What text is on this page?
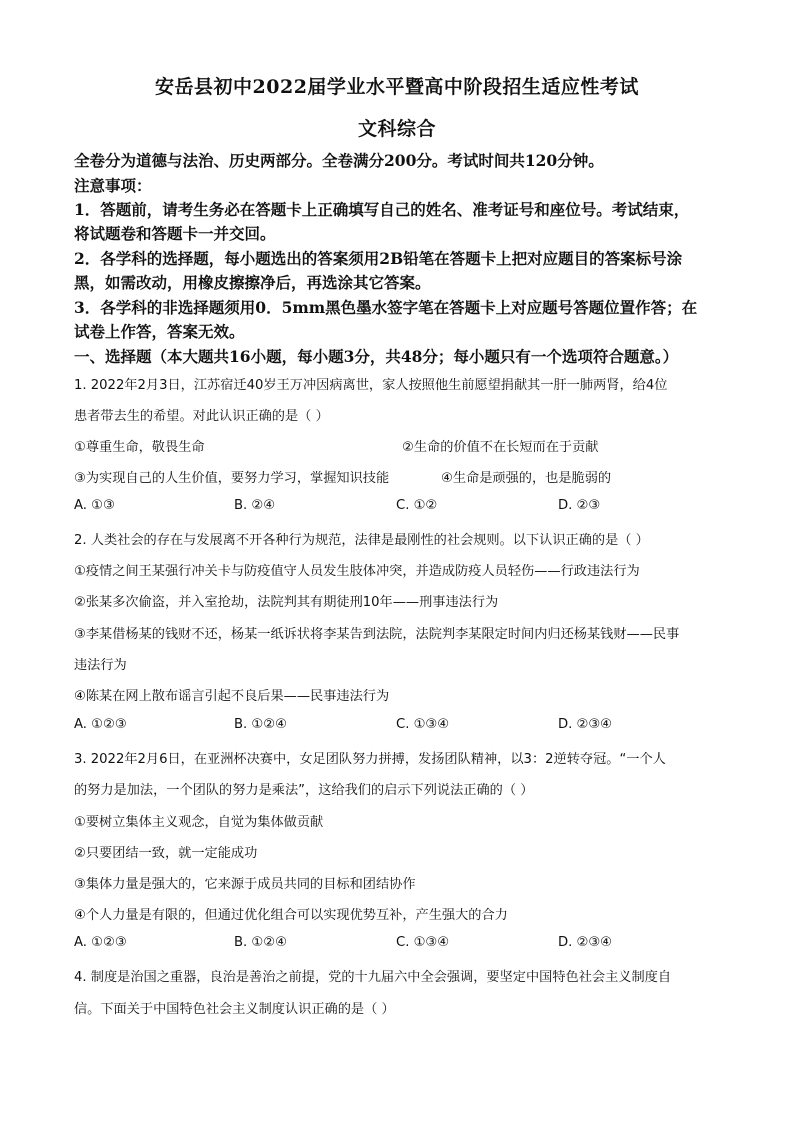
安岳县初中2022届学业水平暨高中阶段招生适应性考试
文科综合
全卷分为道德与法治、历史两部分。全卷满分200分。考试时间共120分钟。
注意事项：
1．答题前，请考生务必在答题卡上正确填写自己的姓名、准考证号和座位号。考试结束，
将试题卷和答题卡一并交回。
2．各学科的选择题，每小题选出的答案须用2B铅笔在答题卡上把对应题目的答案标号涂
黑，如需改动，用橡皮擦擦净后，再选涂其它答案。
3．各学科的非选择题须用0．5mm黑色墨水签字笔在答题卡上对应题号答题位置作答；在
试卷上作答，答案无效。
一、选择题（本大题共16小题，每小题3分，共48分；每小题只有一个选项符合题意。）
1. 2022年2月3日，江苏宿迁40岁王万冲因病离世，家人按照他生前愿望捐献其一肝一肺两肾，给4位
患者带去生的希望。对此认识正确的是（ ）
①尊重生命，敬畏生命	②生命的价值不在长短而在于贡献
③为实现自己的人生价值，要努力学习，掌握知识技能	④生命是顽强的，也是脆弱的
A. ①③	B. ②④	C. ①②	D. ②③
2. 人类社会的存在与发展离不开各种行为规范，法律是最刚性的社会规则。以下认识正确的是（ ）
①疫情之间王某强行冲关卡与防疫值守人员发生肢体冲突，并造成防疫人员轻伤——行政违法行为
②张某多次偷盗，并入室抢劫，法院判其有期徒刑10年——刑事违法行为
③李某借杨某的钱财不还，杨某一纸诉状将李某告到法院，法院判李某限定时间内归还杨某钱财——民事
违法行为
④陈某在网上散布谣言引起不良后果——民事违法行为
A. ①②③	B. ①②④	C. ①③④	D. ②③④
3. 2022年2月6日，在亚洲杯决赛中，女足团队努力拼搏，发扬团队精神，以3：2逆转夺冠。“一个人
的努力是加法，一个团队的努力是乘法”，这给我们的启示下列说法正确的（ ）
①要树立集体主义观念，自觉为集体做贡献
②只要团结一致，就一定能成功
③集体力量是强大的，它来源于成员共同的目标和团结协作
④个人力量是有限的，但通过优化组合可以实现优势互补，产生强大的合力
A. ①②③	B. ①②④	C. ①③④	D. ②③④
4. 制度是治国之重器，良治是善治之前提，党的十九届六中全会强调，要坚定中国特色社会主义制度自
信。下面关于中国特色社会主义制度认识正确的是（ ）
